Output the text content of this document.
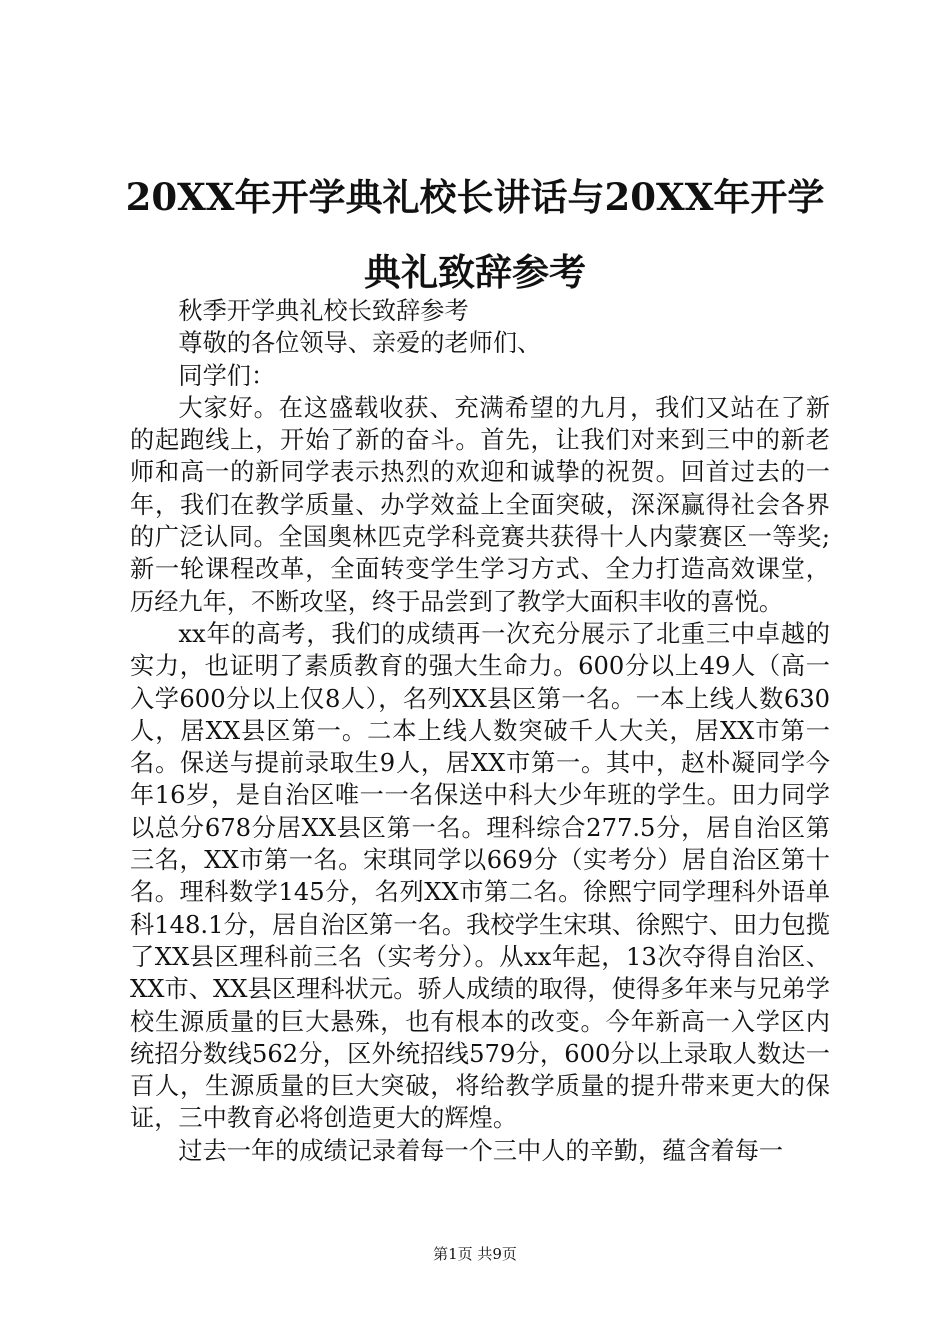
20XX年开学典礼校长讲话与20XX年开学典礼致辞参考

秋季开学典礼校长致辞参考

尊敬的各位领导、亲爱的老师们、

同学们：

大家好。在这盛载收获、充满希望的九月，我们又站在了新的起跑线上，开始了新的奋斗。首先，让我们对来到三中的新老师和高一的新同学表示热烈的欢迎和诚挚的祝贺。回首过去的一年，我们在教学质量、办学效益上全面突破，深深赢得社会各界的广泛认同。全国奥林匹克学科竞赛共获得十人内蒙赛区一等奖;新一轮课程改革，全面转变学生学习方式、全力打造高效课堂，历经九年，不断攻坚，终于品尝到了教学大面积丰收的喜悦。

xx年的高考，我们的成绩再一次充分展示了北重三中卓越的实力，也证明了素质教育的强大生命力。600分以上49人（高一入学600分以上仅8人），名列XX县区第一名。一本上线人数630人，居XX县区第一。二本上线人数突破千人大关，居XX市第一名。保送与提前录取生9人，居XX市第一。其中，赵朴凝同学今年16岁，是自治区唯一一名保送中科大少年班的学生。田力同学以总分678分居XX县区第一名。理科综合277.5分，居自治区第三名，XX市第一名。宋琪同学以669分（实考分）居自治区第十名。理科数学145分，名列XX市第二名。徐熙宁同学理科外语单科148.1分，居自治区第一名。我校学生宋琪、徐熙宁、田力包揽了XX县区理科前三名（实考分）。从xx年起，13次夺得自治区、XX市、XX县区理科状元。骄人成绩的取得，使得多年来与兄弟学校生源质量的巨大悬殊，也有根本的改变。今年新高一入学区内统招分数线562分，区外统招线579分，600分以上录取人数达一百人，生源质量的巨大突破，将给教学质量的提升带来更大的保证，三中教育必将创造更大的辉煌。

过去一年的成绩记录着每一个三中人的辛勤，蕴含着每一

第1页 共9页
